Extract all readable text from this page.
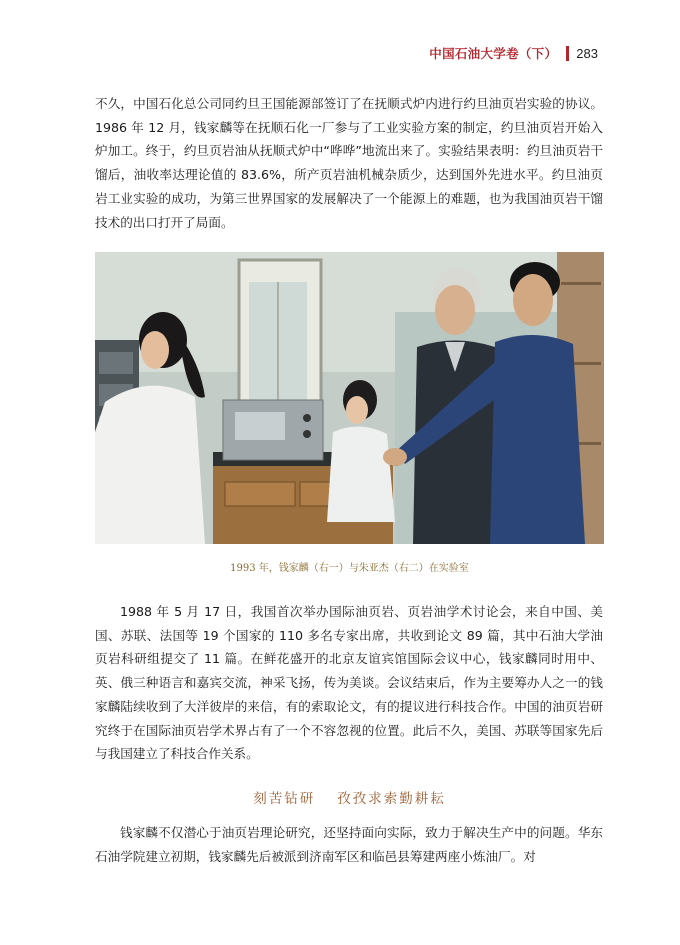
中国石油大学卷（下） 283

不久，中国石化总公司同约旦王国能源部签订了在抚顺式炉内进行约旦油页岩实验的协议。1986 年 12 月，钱家麟等在抚顺石化一厂参与了工业实验方案的制定，约旦油页岩开始入炉加工。终于，约旦页岩油从抚顺式炉中“哗哗”地流出来了。实验结果表明：约旦油页岩干馏后，油收率达理论值的 83.6%，所产页岩油机械杂质少，达到国外先进水平。约旦油页岩工业实验的成功，为第三世界国家的发展解决了一个能源上的难题，也为我国油页岩干馏技术的出口打开了局面。

1993 年，钱家麟（右一）与朱亚杰（右二）在实验室

1988 年 5 月 17 日，我国首次举办国际油页岩、页岩油学术讨论会，来自中国、美国、苏联、法国等 19 个国家的 110 多名专家出席，共收到论文 89 篇，其中石油大学油页岩科研组提交了 11 篇。在鲜花盛开的北京友谊宾馆国际会议中心，钱家麟同时用中、英、俄三种语言和嘉宾交流，神采飞扬，传为美谈。会议结束后，作为主要筹办人之一的钱家麟陆续收到了大洋彼岸的来信，有的索取论文，有的提议进行科技合作。中国的油页岩研究终于在国际油页岩学术界占有了一个不容忽视的位置。此后不久，美国、苏联等国家先后与我国建立了科技合作关系。

刻苦钻研 孜孜求索勤耕耘

钱家麟不仅潜心于油页岩理论研究，还坚持面向实际，致力于解决生产中的问题。华东石油学院建立初期，钱家麟先后被派到济南军区和临邑县筹建两座小炼油厂。对
